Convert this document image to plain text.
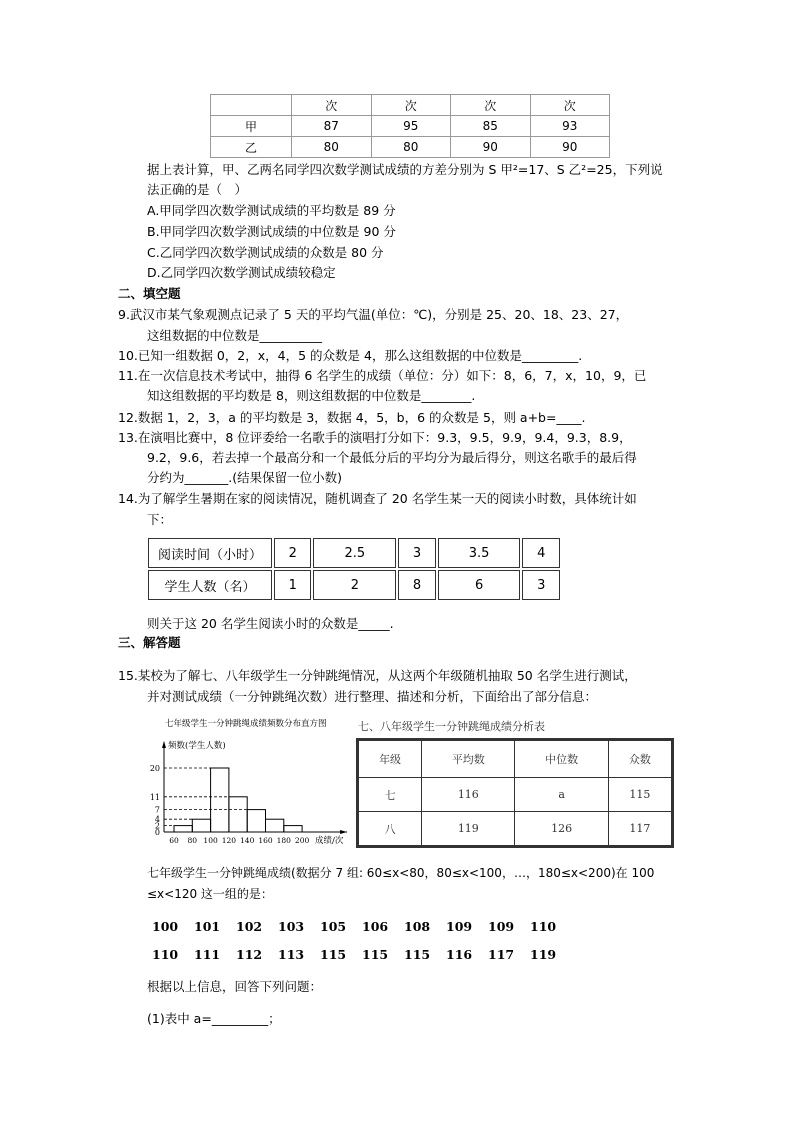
	次	次	次	次
甲	87	95	85	93
乙	80	80	90	90
据上表计算，甲、乙两名同学四次数学测试成绩的方差分别为 S 甲²=17、S 乙²=25，下列说
法正确的是（　）
A.甲同学四次数学测试成绩的平均数是 89 分
B.甲同学四次数学测试成绩的中位数是 90 分
C.乙同学四次数学测试成绩的众数是 80 分
D.乙同学四次数学测试成绩较稳定
二、填空题
9.武汉市某气象观测点记录了 5 天的平均气温(单位：℃)，分别是 25、20、18、23、27，
这组数据的中位数是__________
10.已知一组数据 0，2，x，4，5 的众数是 4，那么这组数据的中位数是_________.
11.在一次信息技术考试中，抽得 6 名学生的成绩（单位：分）如下：8，6，7，x，10，9，已
知这组数据的平均数是 8，则这组数据的中位数是________.
12.数据 1，2，3，a 的平均数是 3，数据 4，5，b，6 的众数是 5，则 a+b=____.
13.在演唱比赛中，8 位评委给一名歌手的演唱打分如下：9.3，9.5，9.9，9.4，9.3，8.9，
9.2，9.6，若去掉一个最高分和一个最低分后的平均分为最后得分，则这名歌手的最后得
分约为_______.(结果保留一位小数)
14.为了解学生暑期在家的阅读情况，随机调查了 20 名学生某一天的阅读小时数，具体统计如
下：
阅读时间（小时）	2	2.5	3	3.5	4
学生人数（名）	1	2	8	6	3
则关于这 20 名学生阅读小时的众数是_____.
三、解答题
15.某校为了解七、八年级学生一分钟跳绳情况，从这两个年级随机抽取 50 名学生进行测试，
并对测试成绩（一分钟跳绳次数）进行整理、描述和分析，下面给出了部分信息：
七年级学生一分钟跳绳成绩频数分布直方图
频数(学生人数)
成绩/次
0
2
4
7
11
20
60 80 100 120 140 160 180 200
七、八年级学生一分钟跳绳成绩分析表
年级	平均数	中位数	众数
七	116	a	115
八	119	126	117
七年级学生一分钟跳绳成绩(数据分 7 组: 60≤x<80，80≤x<100，…，180≤x<200)在 100
≤x<120 这一组的是：
100 101 102 103 105 106 108 109 109 110
110 111 112 113 115 115 115 116 117 119
根据以上信息，回答下列问题：
(1)表中 a=_________；
